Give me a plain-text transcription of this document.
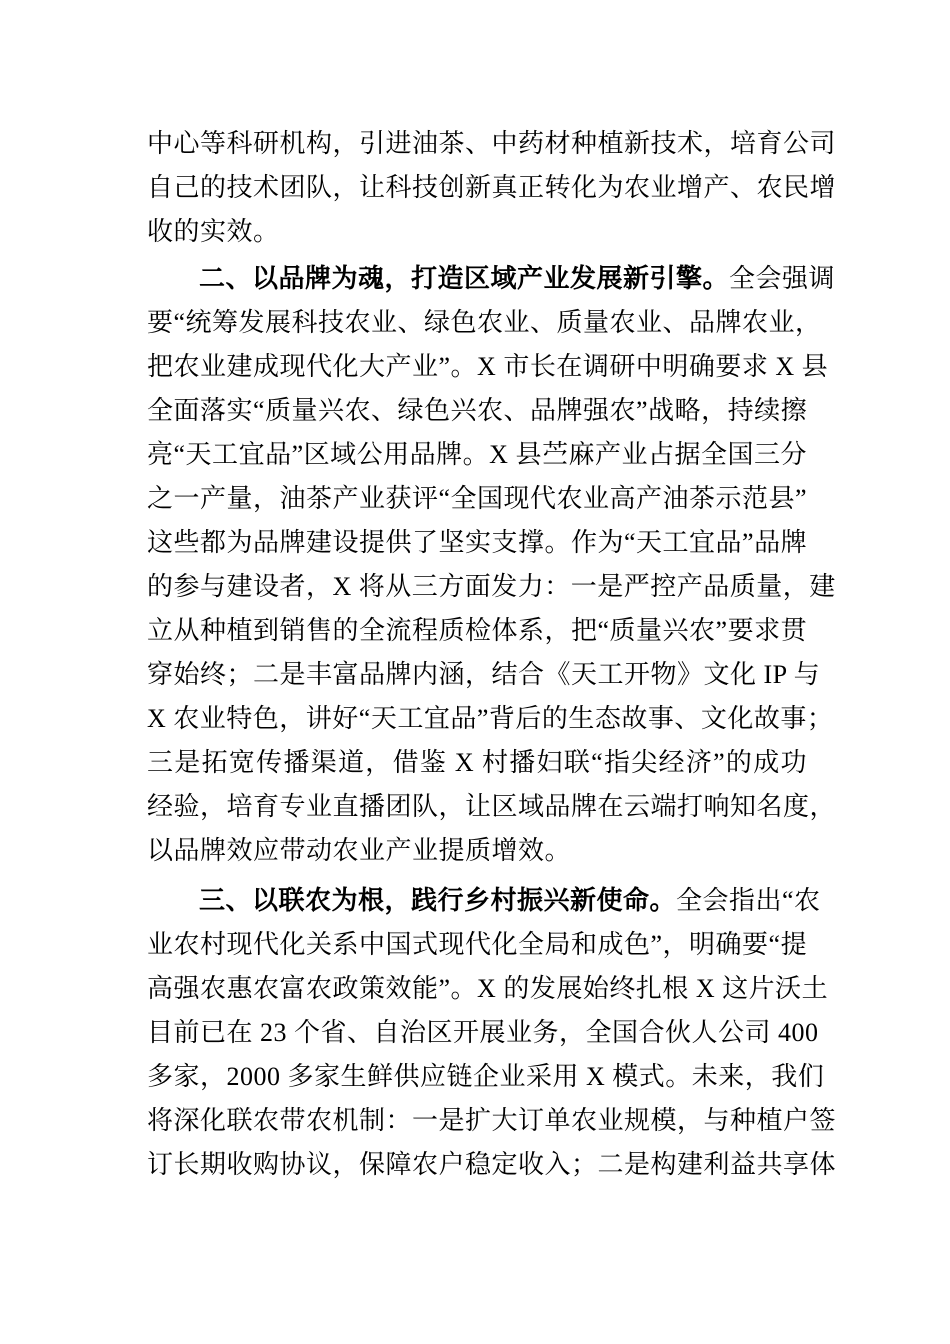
中心等科研机构，引进油茶、中药材种植新技术，培育公司
自己的技术团队，让科技创新真正转化为农业增产、农民增
收的实效。
二、以品牌为魂，打造区域产业发展新引擎。全会强调
要“统筹发展科技农业、绿色农业、质量农业、品牌农业，
把农业建成现代化大产业”。X 市长在调研中明确要求 X 县
全面落实“质量兴农、绿色兴农、品牌强农”战略，持续擦
亮“天工宜品”区域公用品牌。X 县苎麻产业占据全国三分
之一产量，油茶产业获评“全国现代农业高产油茶示范县”
这些都为品牌建设提供了坚实支撑。作为“天工宜品”品牌
的参与建设者，X 将从三方面发力：一是严控产品质量，建
立从种植到销售的全流程质检体系，把“质量兴农”要求贯
穿始终；二是丰富品牌内涵，结合《天工开物》文化 IP 与
X 农业特色，讲好“天工宜品”背后的生态故事、文化故事；
三是拓宽传播渠道，借鉴 X 村播妇联“指尖经济”的成功
经验，培育专业直播团队，让区域品牌在云端打响知名度，
以品牌效应带动农业产业提质增效。
三、以联农为根，践行乡村振兴新使命。全会指出“农
业农村现代化关系中国式现代化全局和成色”，明确要“提
高强农惠农富农政策效能”。X 的发展始终扎根 X 这片沃土
目前已在 23 个省、自治区开展业务，全国合伙人公司 400
多家，2000 多家生鲜供应链企业采用 X 模式。未来，我们
将深化联农带农机制：一是扩大订单农业规模，与种植户签
订长期收购协议，保障农户稳定收入；二是构建利益共享体
